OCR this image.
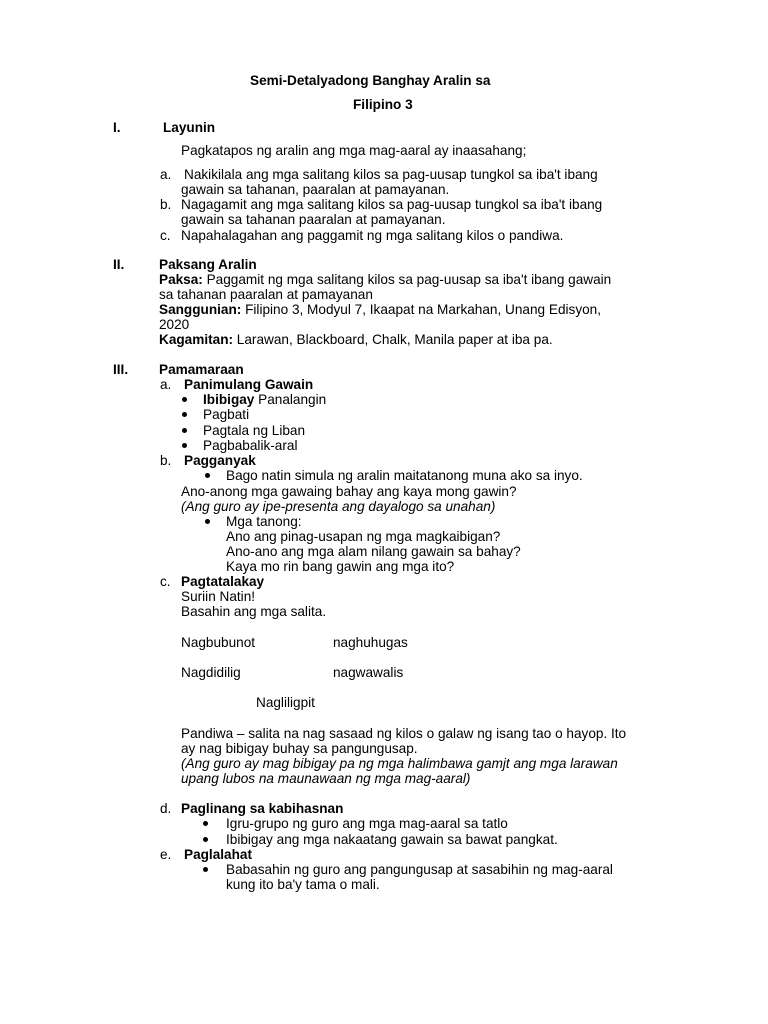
Semi-Detalyadong Banghay Aralin sa
Filipino 3
I.	Layunin
Pagkatapos ng aralin ang mga mag-aaral ay inaasahang;
a. Nakikilala ang mga salitang kilos sa pag-uusap tungkol sa iba't ibang
gawain sa tahanan, paaralan at pamayanan.
b. Nagagamit ang mga salitang kilos sa pag-uusap tungkol sa iba't ibang
gawain sa tahanan paaralan at pamayanan.
c. Napahalagahan ang paggamit ng mga salitang kilos o pandiwa.
II.	Paksang Aralin
Paksa: Paggamit ng mga salitang kilos sa pag-uusap sa iba't ibang gawain
sa tahanan paaralan at pamayanan
Sanggunian: Filipino 3, Modyul 7, Ikaapat na Markahan, Unang Edisyon,
2020
Kagamitan: Larawan, Blackboard, Chalk, Manila paper at iba pa.
III. Pamamaraan
a. Panimulang Gawain
Ibibigay Panalangin
Pagbati
Pagtala ng Liban
Pagbabalik-aral
b. Pagganyak
Bago natin simula ng aralin maitatanong muna ako sa inyo.
Ano-anong mga gawaing bahay ang kaya mong gawin?
(Ang guro ay ipe-presenta ang dayalogo sa unahan)
Mga tanong:
Ano ang pinag-usapan ng mga magkaibigan?
Ano-ano ang mga alam nilang gawain sa bahay?
Kaya mo rin bang gawin ang mga ito?
c. Pagtatalakay
Suriin Natin!
Basahin ang mga salita.
Nagbubunot	naghuhugas
Nagdidilig	nagwawalis
Nagliligpit
Pandiwa – salita na nag sasaad ng kilos o galaw ng isang tao o hayop. Ito
ay nag bibigay buhay sa pangungusap.
(Ang guro ay mag bibigay pa ng mga halimbawa gamjt ang mga larawan
upang lubos na maunawaan ng mga mag-aaral)
d. Paglinang sa kabihasnan
Igru-grupo ng guro ang mga mag-aaral sa tatlo
Ibibigay ang mga nakaatang gawain sa bawat pangkat.
e. Paglalahat
Babasahin ng guro ang pangungusap at sasabihin ng mag-aaral
kung ito ba'y tama o mali.
